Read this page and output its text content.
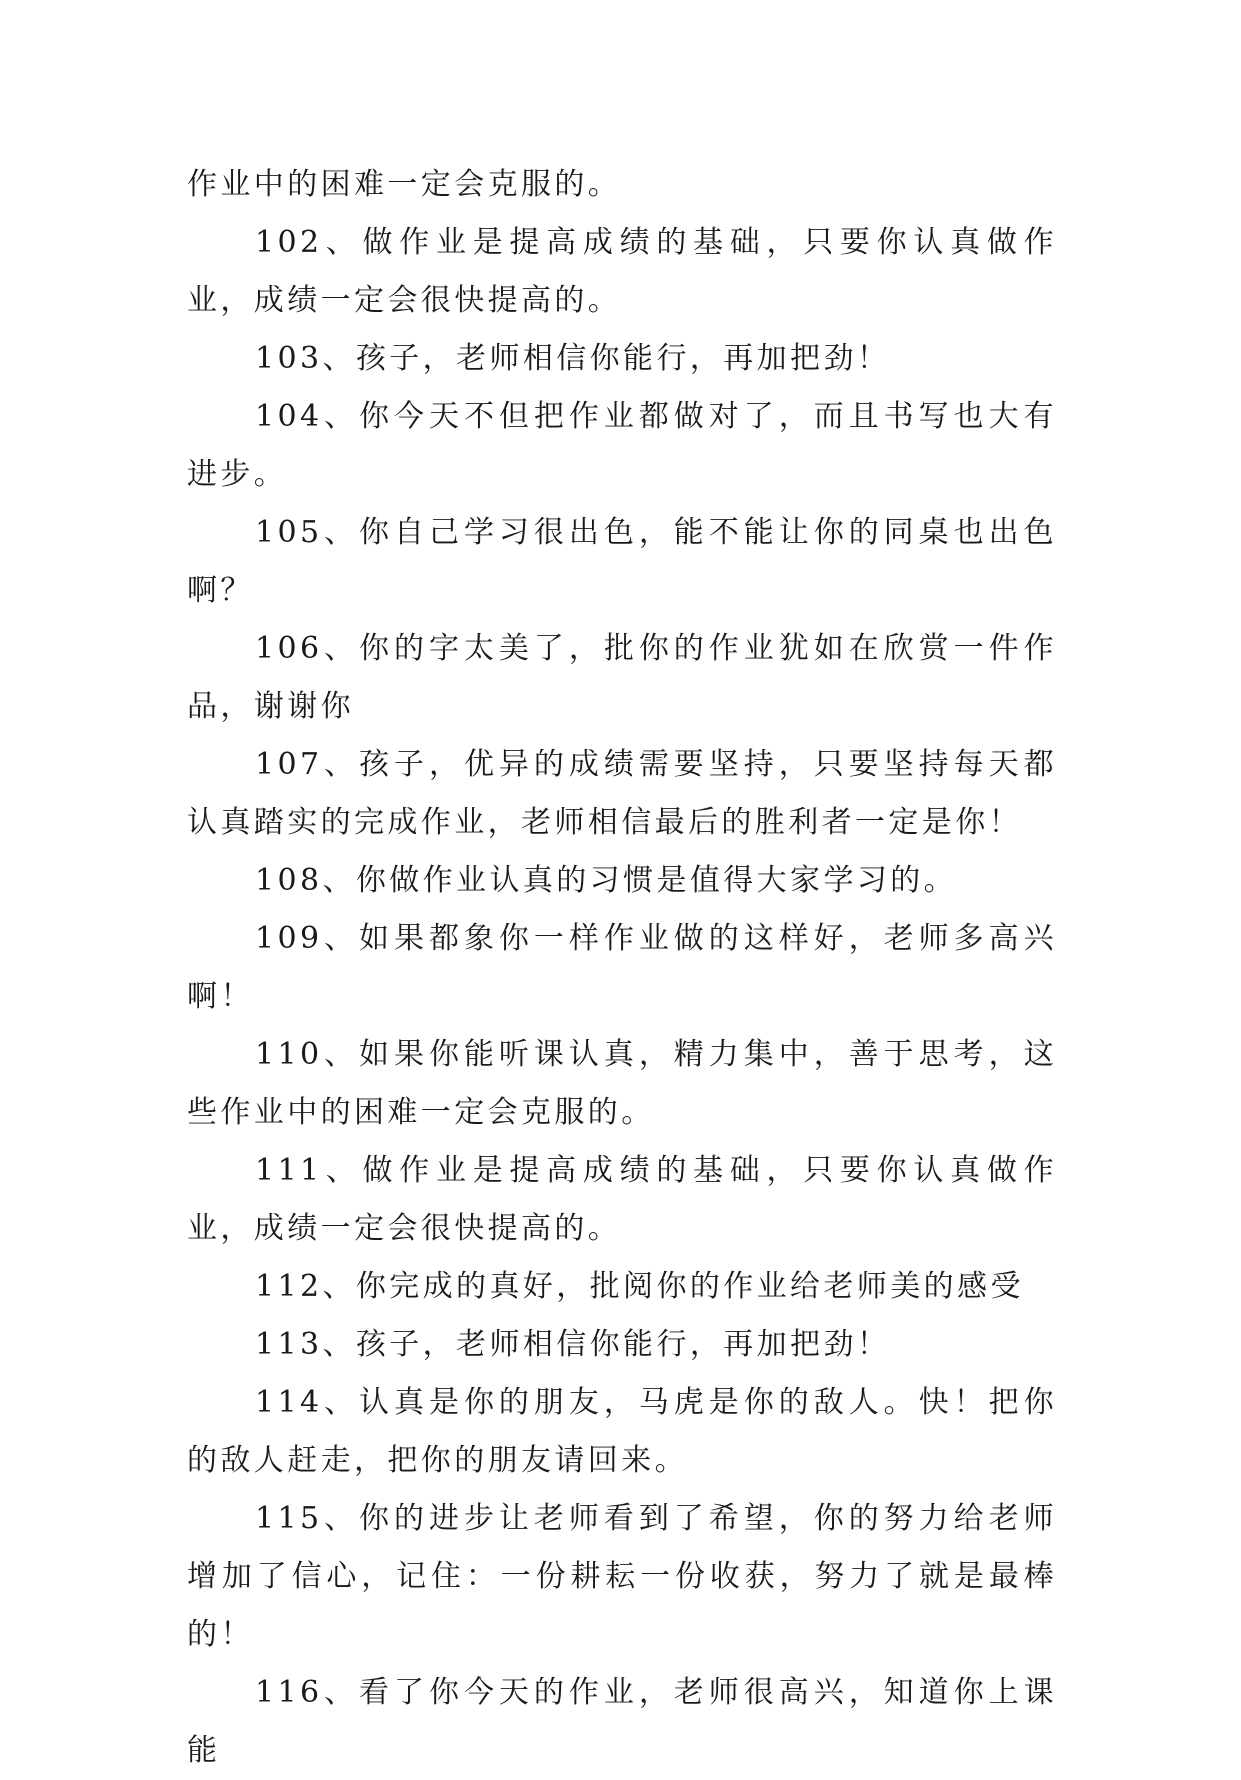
作业中的困难一定会克服的。

102、做作业是提高成绩的基础，只要你认真做作业，成绩一定会很快提高的。

103、孩子，老师相信你能行，再加把劲！

104、你今天不但把作业都做对了，而且书写也大有进步。

105、你自己学习很出色，能不能让你的同桌也出色啊？

106、你的字太美了，批你的作业犹如在欣赏一件作品，谢谢你

107、孩子，优异的成绩需要坚持，只要坚持每天都认真踏实的完成作业，老师相信最后的胜利者一定是你！

108、你做作业认真的习惯是值得大家学习的。

109、如果都象你一样作业做的这样好，老师多高兴啊！

110、如果你能听课认真，精力集中，善于思考，这些作业中的困难一定会克服的。

111、做作业是提高成绩的基础，只要你认真做作业，成绩一定会很快提高的。

112、你完成的真好，批阅你的作业给老师美的感受

113、孩子，老师相信你能行，再加把劲！

114、认真是你的朋友，马虎是你的敌人。快！把你的敌人赶走，把你的朋友请回来。

115、你的进步让老师看到了希望，你的努力给老师增加了信心，记住：一份耕耘一份收获，努力了就是最棒的！

116、看了你今天的作业，老师很高兴，知道你上课能
